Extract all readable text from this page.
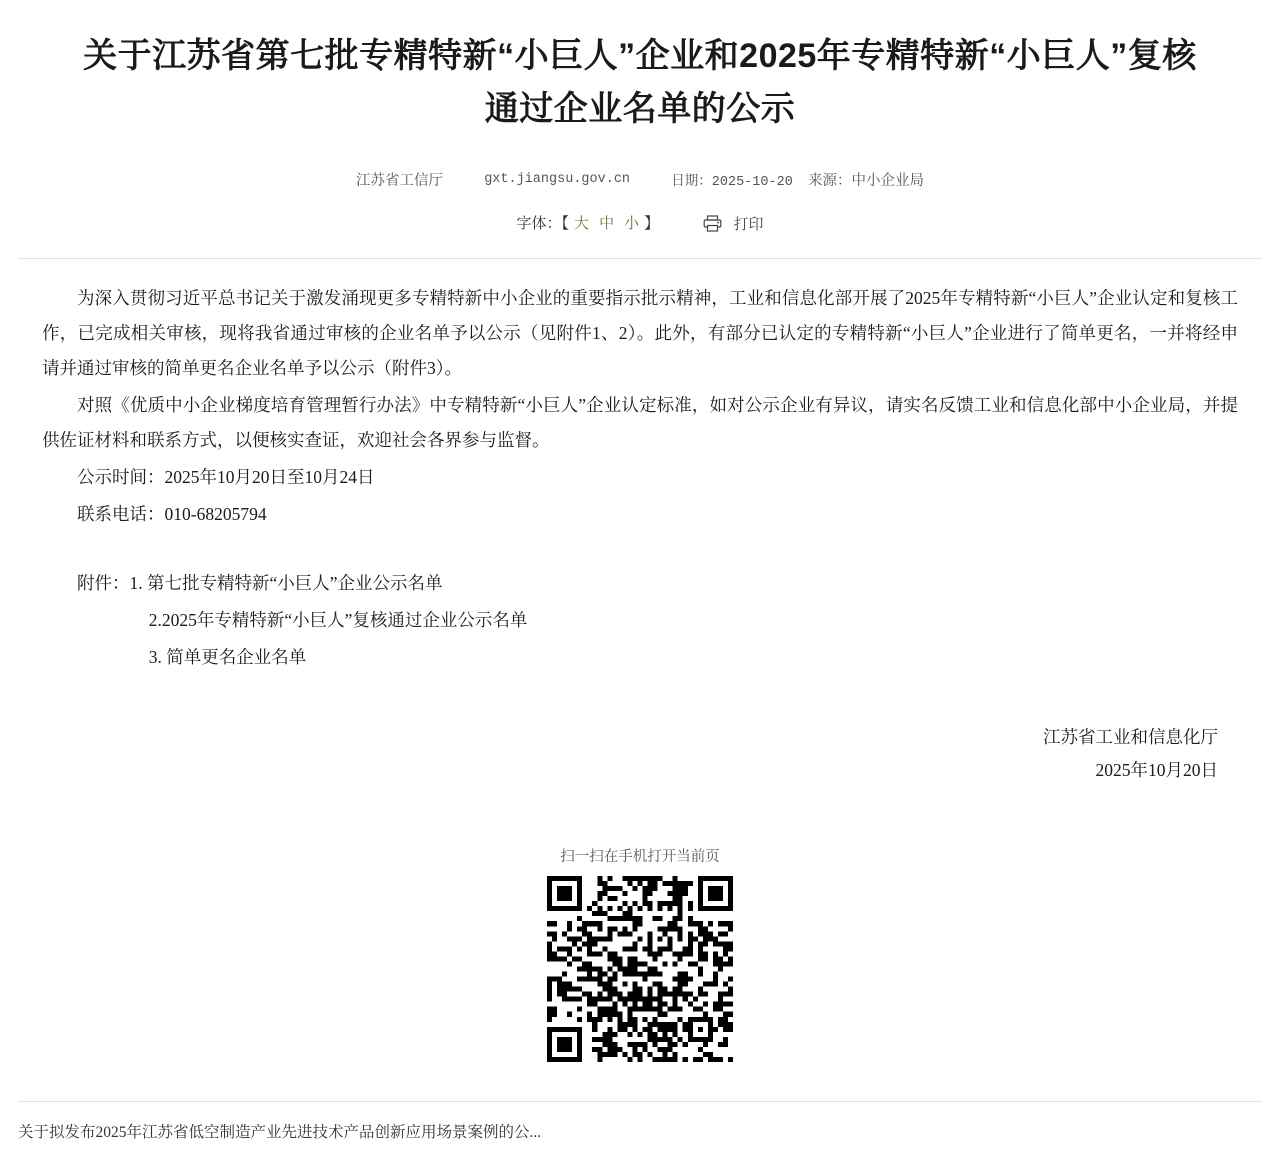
关于江苏省第七批专精特新“小巨人”企业和2025年专精特新“小巨人”复核通过企业名单的公示
江苏省工信厅	gxt.jiangsu.gov.cn	日期：2025-10-20 来源：中小企业局
字体：【 大 中 小 】	打印

为深入贯彻习近平总书记关于激发涌现更多专精特新中小企业的重要指示批示精神，工业和信息化部开展了2025年专精特新“小巨人”企业认定和复核工作，已完成相关审核，现将我省通过审核的企业名单予以公示（见附件1、2）。此外，有部分已认定的专精特新“小巨人”企业进行了简单更名，一并将经申请并通过审核的简单更名企业名单予以公示（附件3）。

对照《优质中小企业梯度培育管理暂行办法》中专精特新“小巨人”企业认定标准，如对公示企业有异议，请实名反馈工业和信息化部中小企业局，并提供佐证材料和联系方式，以便核实查证，欢迎社会各界参与监督。

公示时间：2025年10月20日至10月24日

联系电话：010-68205794

附件：1. 第七批专精特新“小巨人”企业公示名单

2.2025年专精特新“小巨人”复核通过企业公示名单

3. 简单更名企业名单

江苏省工业和信息化厅
2025年10月20日
扫一扫在手机打开当前页
关于拟发布2025年江苏省低空制造产业先进技术产品创新应用场景案例的公...
